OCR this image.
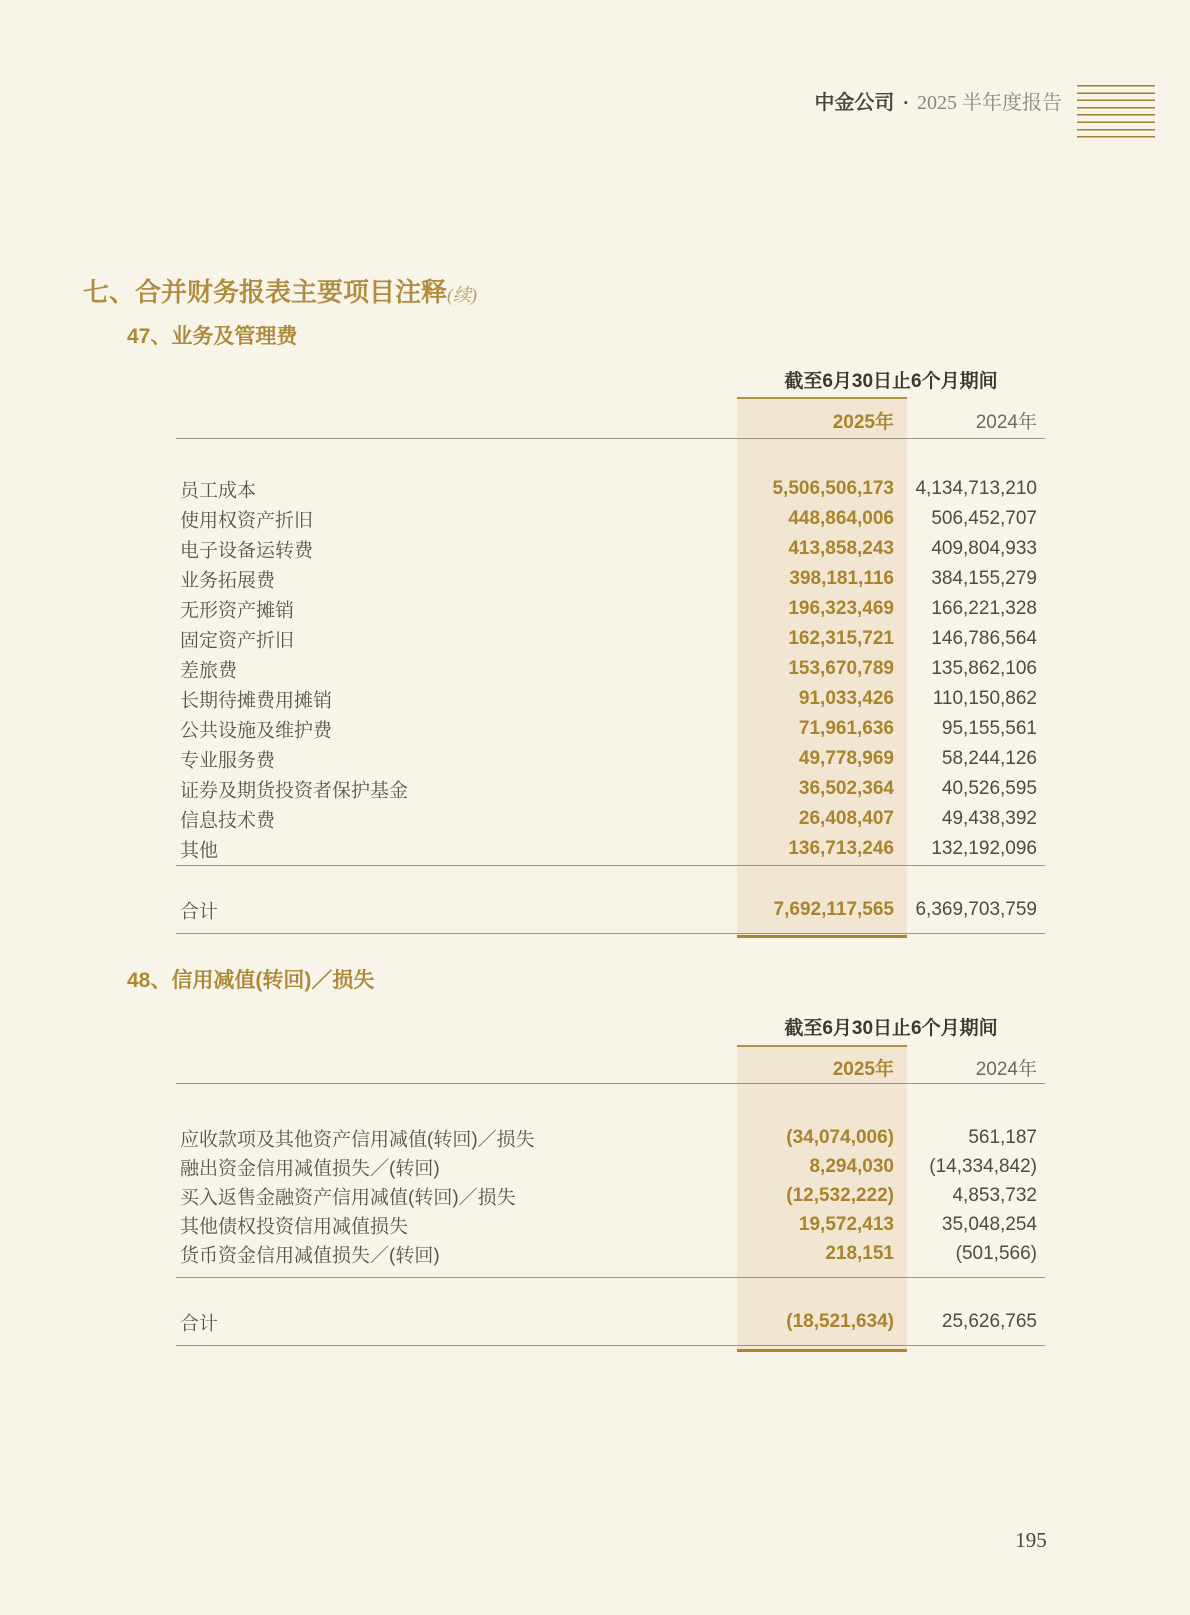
中金公司 • 2025 半年度报告
七、合并财务报表主要项目注释(续)
47、业务及管理费
48、信用减值(转回)／损失
截至6月30日止6个月期间
2025年	2024年
员工成本	5,506,506,173	4,134,713,210
使用权资产折旧	448,864,006	506,452,707
电子设备运转费	413,858,243	409,804,933
业务拓展费	398,181,116	384,155,279
无形资产摊销	196,323,469	166,221,328
固定资产折旧	162,315,721	146,786,564
差旅费	153,670,789	135,862,106
长期待摊费用摊销	91,033,426	110,150,862
公共设施及维护费	71,961,636	95,155,561
专业服务费	49,778,969	58,244,126
证券及期货投资者保护基金	36,502,364	40,526,595
信息技术费	26,408,407	49,438,392
其他	136,713,246	132,192,096
合计	7,692,117,565	6,369,703,759
截至6月30日止6个月期间
2025年	2024年
应收款项及其他资产信用减值(转回)／损失	(34,074,006)	561,187
融出资金信用减值损失／(转回)	8,294,030	(14,334,842)
买入返售金融资产信用减值(转回)／损失	(12,532,222)	4,853,732
其他债权投资信用减值损失	19,572,413	35,048,254
货币资金信用减值损失／(转回)	218,151	(501,566)
合计	(18,521,634)	25,626,765
195
